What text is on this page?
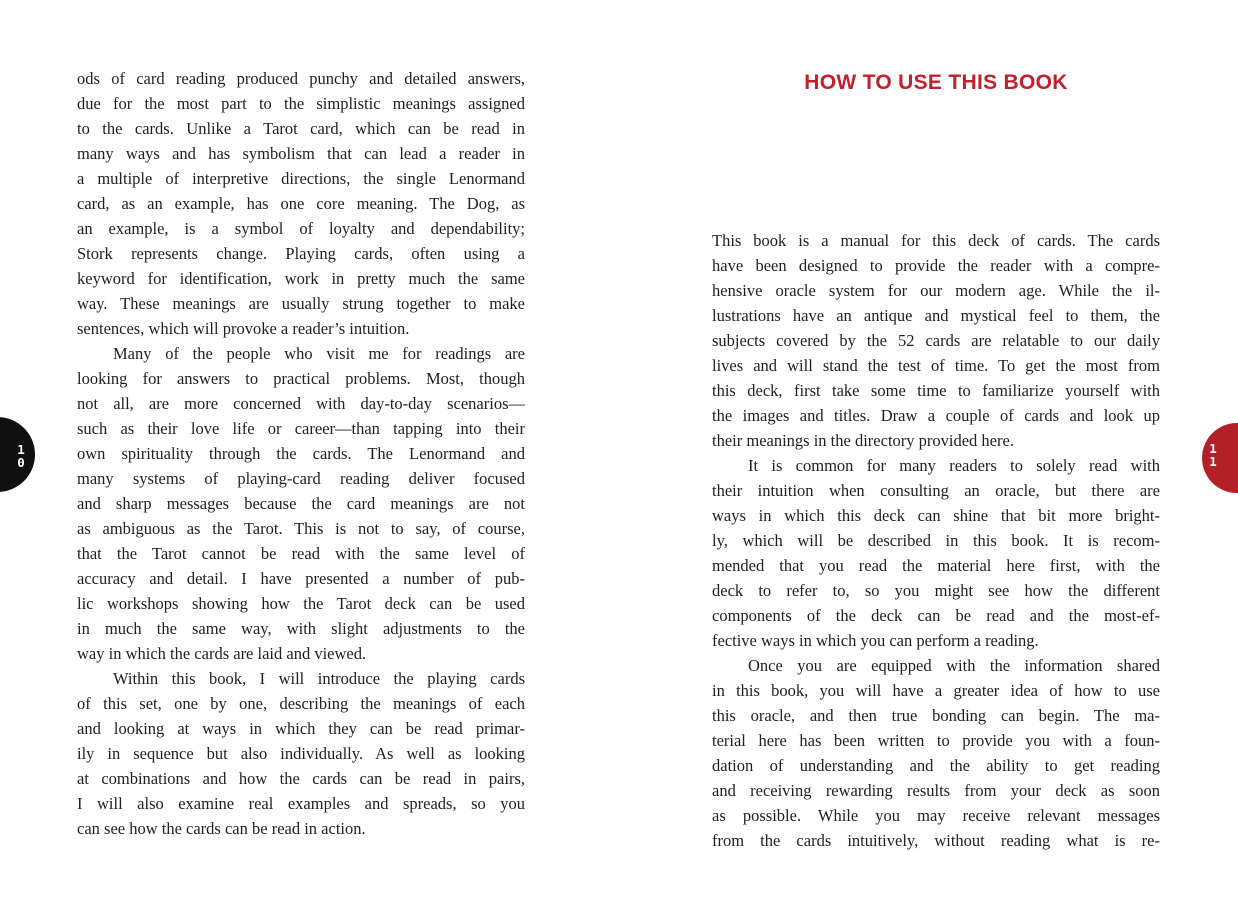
1
0
1
1
ods of card reading produced punchy and detailed answers,
due for the most part to the simplistic meanings assigned
to the cards. Unlike a Tarot card, which can be read in
many ways and has symbolism that can lead a reader in
a multiple of interpretive directions, the single Lenormand
card, as an example, has one core meaning. The Dog, as
an example, is a symbol of loyalty and dependability;
Stork represents change. Playing cards, often using a
keyword for identification, work in pretty much the same
way. These meanings are usually strung together to make
sentences, which will provoke a reader’s intuition.
Many of the people who visit me for readings are
looking for answers to practical problems. Most, though
not all, are more concerned with day-to-day scenarios—
such as their love life or career—than tapping into their
own spirituality through the cards. The Lenormand and
many systems of playing-card reading deliver focused
and sharp messages because the card meanings are not
as ambiguous as the Tarot. This is not to say, of course,
that the Tarot cannot be read with the same level of
accuracy and detail. I have presented a number of pub-
lic workshops showing how the Tarot deck can be used
in much the same way, with slight adjustments to the
way in which the cards are laid and viewed.
Within this book, I will introduce the playing cards
of this set, one by one, describing the meanings of each
and looking at ways in which they can be read primar-
ily in sequence but also individually. As well as looking
at combinations and how the cards can be read in pairs,
I will also examine real examples and spreads, so you
can see how the cards can be read in action.
HOW TO USE THIS BOOK
This book is a manual for this deck of cards. The cards
have been designed to provide the reader with a compre-
hensive oracle system for our modern age. While the il-
lustrations have an antique and mystical feel to them, the
subjects covered by the 52 cards are relatable to our daily
lives and will stand the test of time. To get the most from
this deck, first take some time to familiarize yourself with
the images and titles. Draw a couple of cards and look up
their meanings in the directory provided here.
It is common for many readers to solely read with
their intuition when consulting an oracle, but there are
ways in which this deck can shine that bit more bright-
ly, which will be described in this book. It is recom-
mended that you read the material here first, with the
deck to refer to, so you might see how the different
components of the deck can be read and the most-ef-
fective ways in which you can perform a reading.
Once you are equipped with the information shared
in this book, you will have a greater idea of how to use
this oracle, and then true bonding can begin. The ma-
terial here has been written to provide you with a foun-
dation of understanding and the ability to get reading
and receiving rewarding results from your deck as soon
as possible. While you may receive relevant messages
from the cards intuitively, without reading what is re-
